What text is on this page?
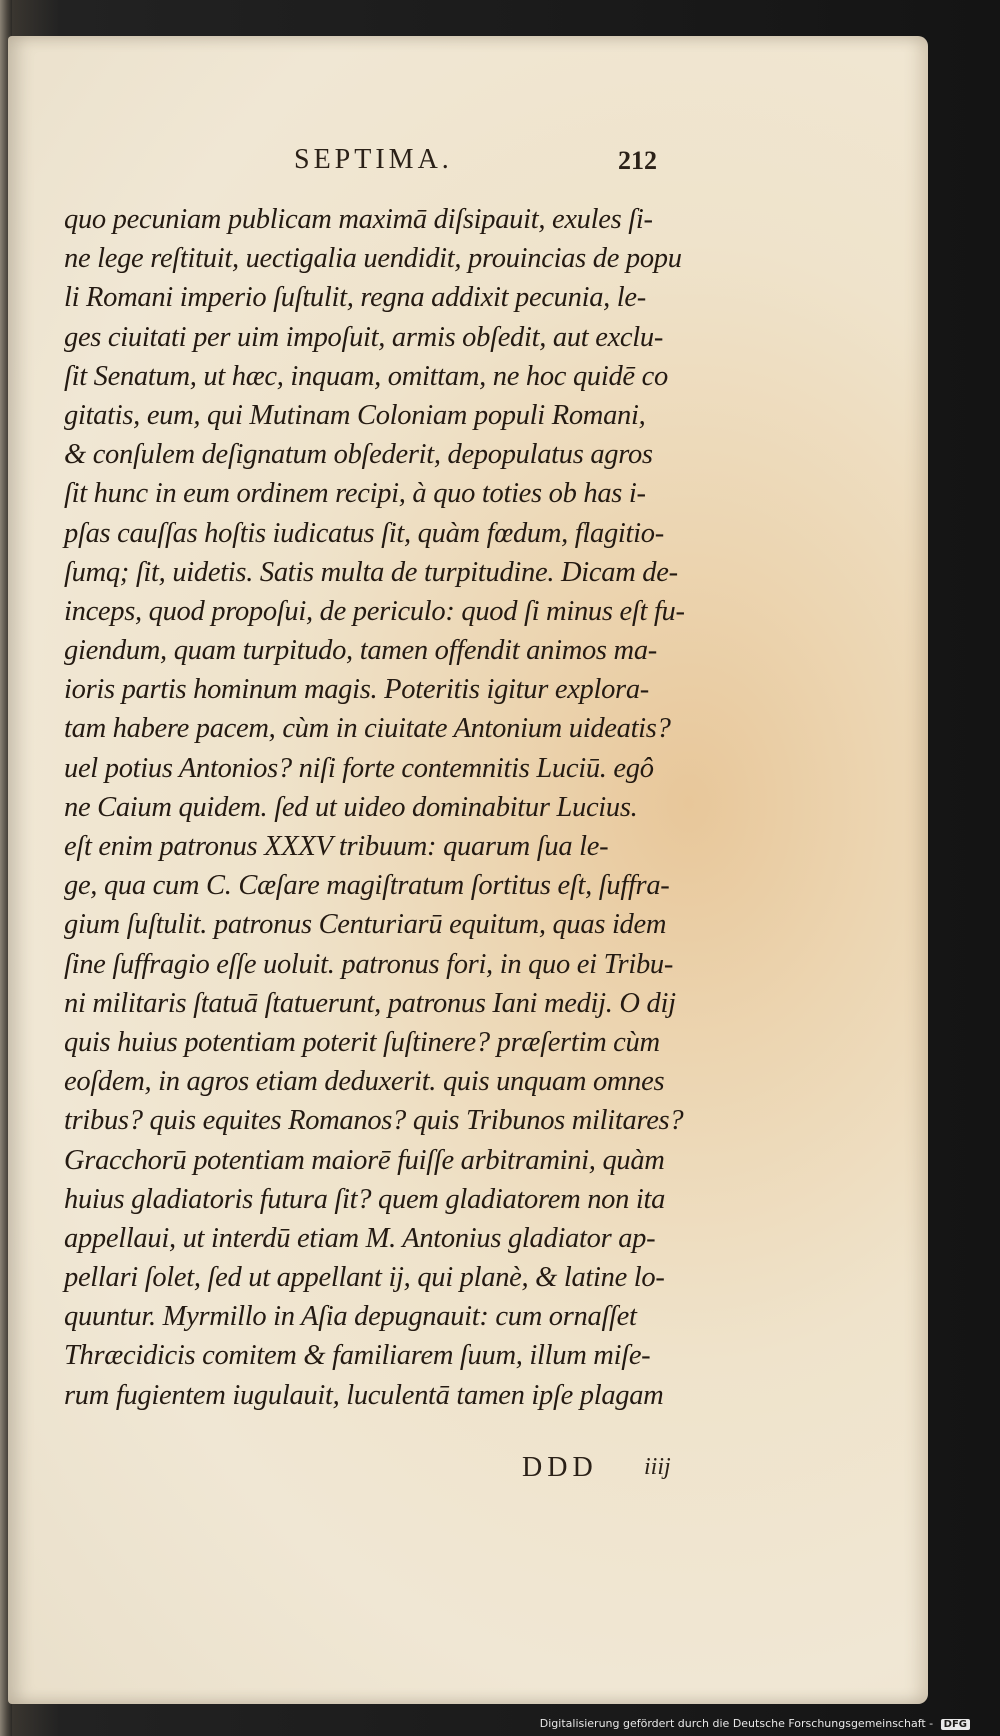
SEPTIMA.	212
quo pecuniam publicam maximā diſsipauit, exules ſi-
ne lege reſtituit, uectigalia uendidit, prouincias de popu
li Romani imperio ſuſtulit, regna addixit pecunia, le-
ges ciuitati per uim impoſuit, armis obſedit, aut exclu-
ſit Senatum, ut hæc, inquam, omittam, ne hoc quidē co
gitatis, eum, qui Mutinam Coloniam populi Romani,
& conſulem deſignatum obſederit, depopulatus agros
ſit hunc in eum ordinem recipi, à quo toties ob has i-
pſas cauſſas hoſtis iudicatus ſit, quàm fœdum, flagitio-
ſumq; ſit, uidetis. Satis multa de turpitudine. Dicam de-
inceps, quod propoſui, de periculo: quod ſi minus eſt fu-
giendum, quam turpitudo, tamen offendit animos ma-
ioris partis hominum magis. Poteritis igitur explora-
tam habere pacem, cùm in ciuitate Antonium uideatis?
uel potius Antonios? niſi forte contemnitis Luciū. egô
ne Caium quidem. ſed ut uideo dominabitur Lucius.
eſt enim patronus XXXV tribuum: quarum ſua le-
ge, qua cum C. Cæſare magiſtratum ſortitus eſt, ſuffra-
gium ſuſtulit. patronus Centuriarū equitum, quas idem
ſine ſuffragio eſſe uoluit. patronus fori, in quo ei Tribu-
ni militaris ſtatuā ſtatuerunt, patronus Iani medij. O dij
quis huius potentiam poterit ſuſtinere? præſertim cùm
eoſdem, in agros etiam deduxerit. quis unquam omnes
tribus? quis equites Romanos? quis Tribunos militares?
Gracchorū potentiam maiorē fuiſſe arbitramini, quàm
huius gladiatoris futura ſit? quem gladiatorem non ita
appellaui, ut interdū etiam M. Antonius gladiator ap-
pellari ſolet, ſed ut appellant ij, qui planè, & latine lo-
quuntur. Myrmillo in Aſia depugnauit: cum ornaſſet
Thræcidicis comitem & familiarem ſuum, illum miſe-
rum fugientem iugulauit, luculentā tamen ipſe plagam
DDD iiij
Digitalisierung gefördert durch die Deutsche Forschungsgemeinschaft - DFG
